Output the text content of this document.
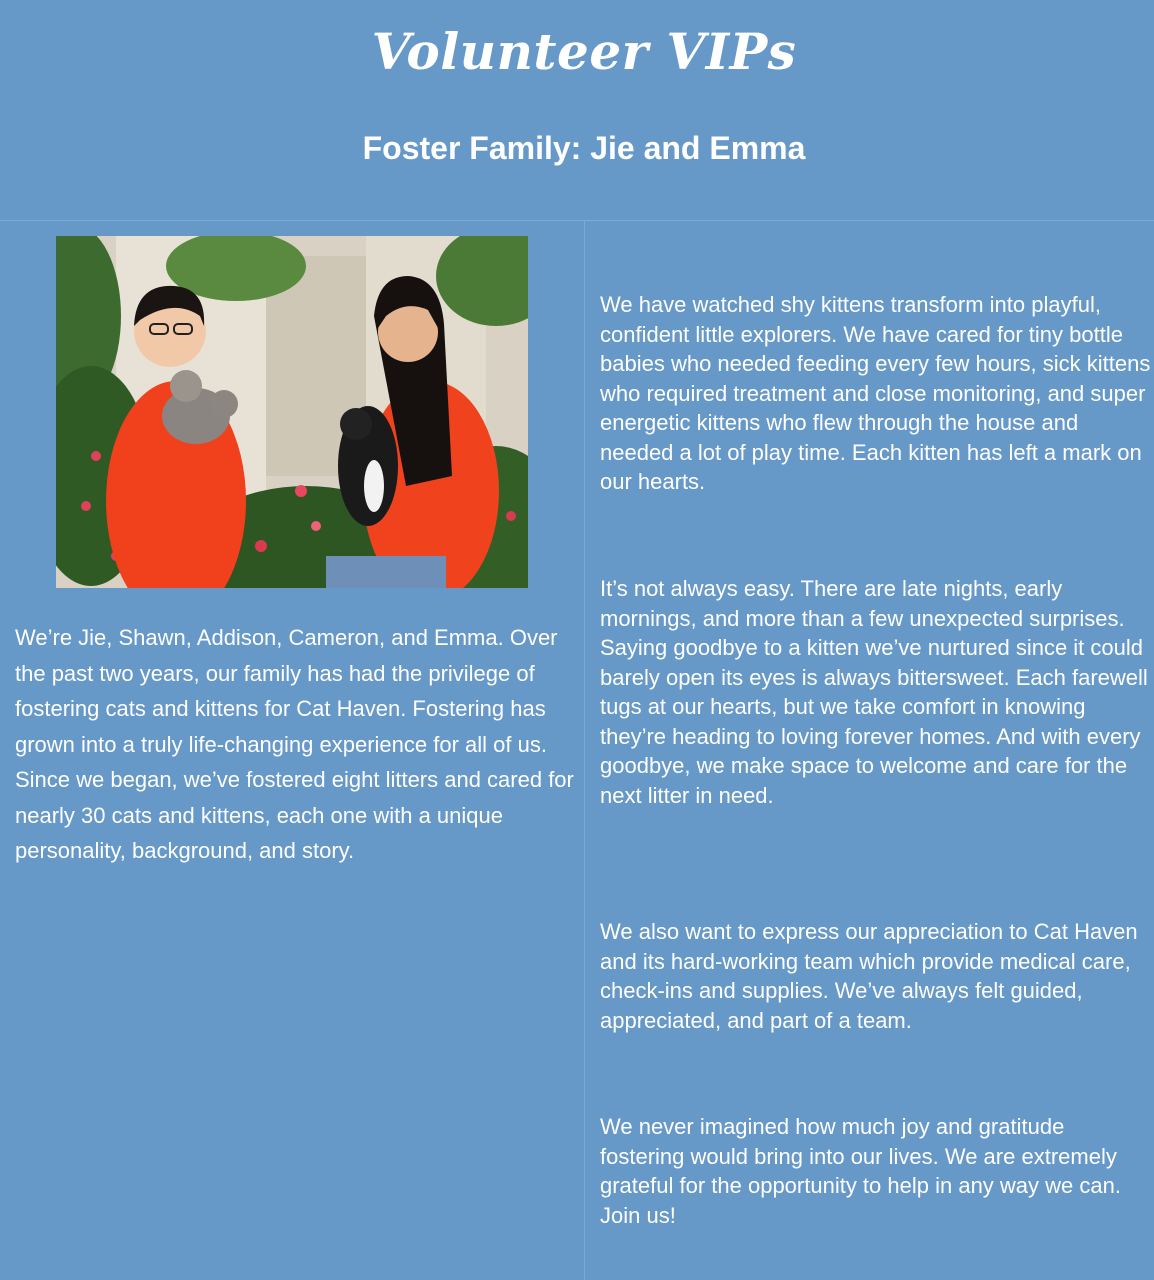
Volunteer VIPs
Foster Family: Jie and Emma

We’re Jie, Shawn, Addison, Cameron, and Emma. Over the past two years, our family has had the privilege of fostering cats and kittens for Cat Haven. Fostering has grown into a truly life-changing experience for all of us. Since we began, we’ve fostered eight litters and cared for nearly 30 cats and kittens, each one with a unique personality, background, and story.

We have watched shy kittens transform into playful, confident little explorers. We have cared for tiny bottle babies who needed feeding every few hours, sick kittens who required treatment and close monitoring, and super energetic kittens who flew through the house and needed a lot of play time. Each kitten has left a mark on our hearts.

It’s not always easy. There are late nights, early mornings, and more than a few unexpected surprises. Saying goodbye to a kitten we’ve nurtured since it could barely open its eyes is always bittersweet. Each farewell tugs at our hearts, but we take comfort in knowing they’re heading to loving forever homes. And with every goodbye, we make space to welcome and care for the next litter in need.

We also want to express our appreciation to Cat Haven and its hard-working team which provide medical care, check-ins and supplies. We’ve always felt guided, appreciated, and part of a team.

We never imagined how much joy and gratitude fostering would bring into our lives. We are extremely grateful for the opportunity to help in any way we can. Join us!
